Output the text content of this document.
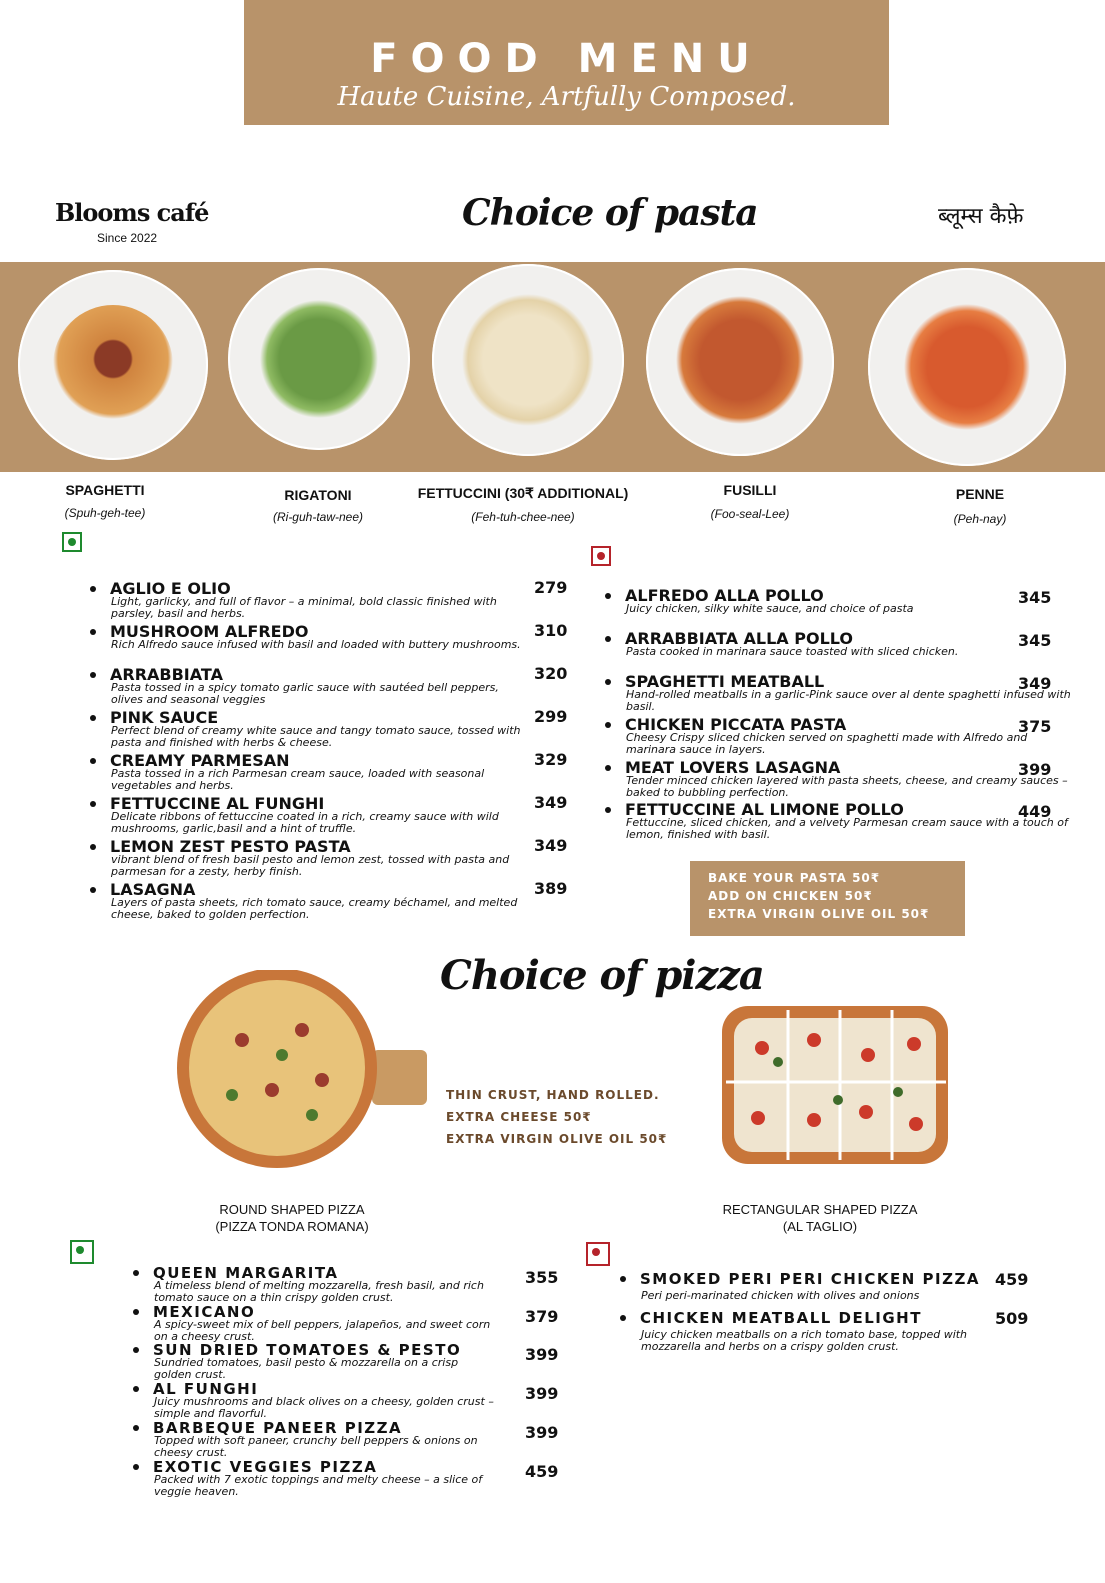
FOOD MENU
Haute Cuisine, Artfully Composed.
Blooms café
Since 2022
Choice of pasta	ब्लूम्स कैफ़े
SPAGHETTI
(Spuh-geh-tee)
RIGATONI
(Ri-guh-taw-nee)
FETTUCCINI (30₹ ADDITIONAL)
(Feh-tuh-chee-nee)
FUSILLI
(Foo-seal-Lee)
PENNE
(Peh-nay)
AGLIO E OLIO
Light, garlicky, and full of flavor – a minimal, bold classic finished with parsley, basil and herbs.
279
MUSHROOM ALFREDO
Rich Alfredo sauce infused with basil and loaded with buttery mushrooms.
310
ARRABBIATA
Pasta tossed in a spicy tomato garlic sauce with sautéed bell peppers, olives and seasonal veggies
320
PINK SAUCE
Perfect blend of creamy white sauce and tangy tomato sauce, tossed with pasta and finished with herbs & cheese.
299
CREAMY PARMESAN
Pasta tossed in a rich Parmesan cream sauce, loaded with seasonal vegetables and herbs.
329
FETTUCCINE AL FUNGHI
Delicate ribbons of fettuccine coated in a rich, creamy sauce with wild mushrooms, garlic,basil and a hint of truffle.
349
LEMON ZEST PESTO PASTA
vibrant blend of fresh basil pesto and lemon zest, tossed with pasta and parmesan for a zesty, herby finish.
349
LASAGNA
Layers of pasta sheets, rich tomato sauce, creamy béchamel, and melted cheese, baked to golden perfection.
389
ALFREDO ALLA POLLO
Juicy chicken, silky white sauce, and choice of pasta
345
ARRABBIATA ALLA POLLO
Pasta cooked in marinara sauce toasted with sliced chicken.
345
SPAGHETTI MEATBALL
Hand-rolled meatballs in a garlic-Pink sauce over al dente spaghetti infused with basil.
349
CHICKEN PICCATA PASTA
Cheesy Crispy sliced chicken served on spaghetti made with Alfredo and marinara sauce in layers.
375
MEAT LOVERS LASAGNA
Tender minced chicken layered with pasta sheets, cheese, and creamy sauces – baked to bubbling perfection.
399
FETTUCCINE AL LIMONE POLLO
Fettuccine, sliced chicken, and a velvety Parmesan cream sauce with a touch of lemon, finished with basil.
449
BAKE YOUR PASTA 50₹
ADD ON CHICKEN 50₹
EXTRA VIRGIN OLIVE OIL 50₹
Choice of pizza
THIN CRUST, HAND ROLLED.
EXTRA CHEESE 50₹
EXTRA VIRGIN OLIVE OIL 50₹
ROUND SHAPED PIZZA
(PIZZA TONDA ROMANA)
RECTANGULAR SHAPED PIZZA
(AL TAGLIO)
QUEEN MARGARITA
A timeless blend of melting mozzarella, fresh basil, and rich tomato sauce on a thin crispy golden crust.
355
MEXICANO
A spicy-sweet mix of bell peppers, jalapeños, and sweet corn on a cheesy crust.
379
SUN DRIED TOMATOES & PESTO
Sundried tomatoes, basil pesto & mozzarella on a crisp golden crust.
399
AL FUNGHI
Juicy mushrooms and black olives on a cheesy, golden crust – simple and flavorful.
399
BARBEQUE PANEER PIZZA
Topped with soft paneer, crunchy bell peppers & onions on cheesy crust.
399
EXOTIC VEGGIES PIZZA
Packed with 7 exotic toppings and melty cheese – a slice of veggie heaven.
459
SMOKED PERI PERI CHICKEN PIZZA
Peri peri-marinated chicken with olives and onions
459
CHICKEN MEATBALL DELIGHT
Juicy chicken meatballs on a rich tomato base, topped with mozzarella and herbs on a crispy golden crust.
509
